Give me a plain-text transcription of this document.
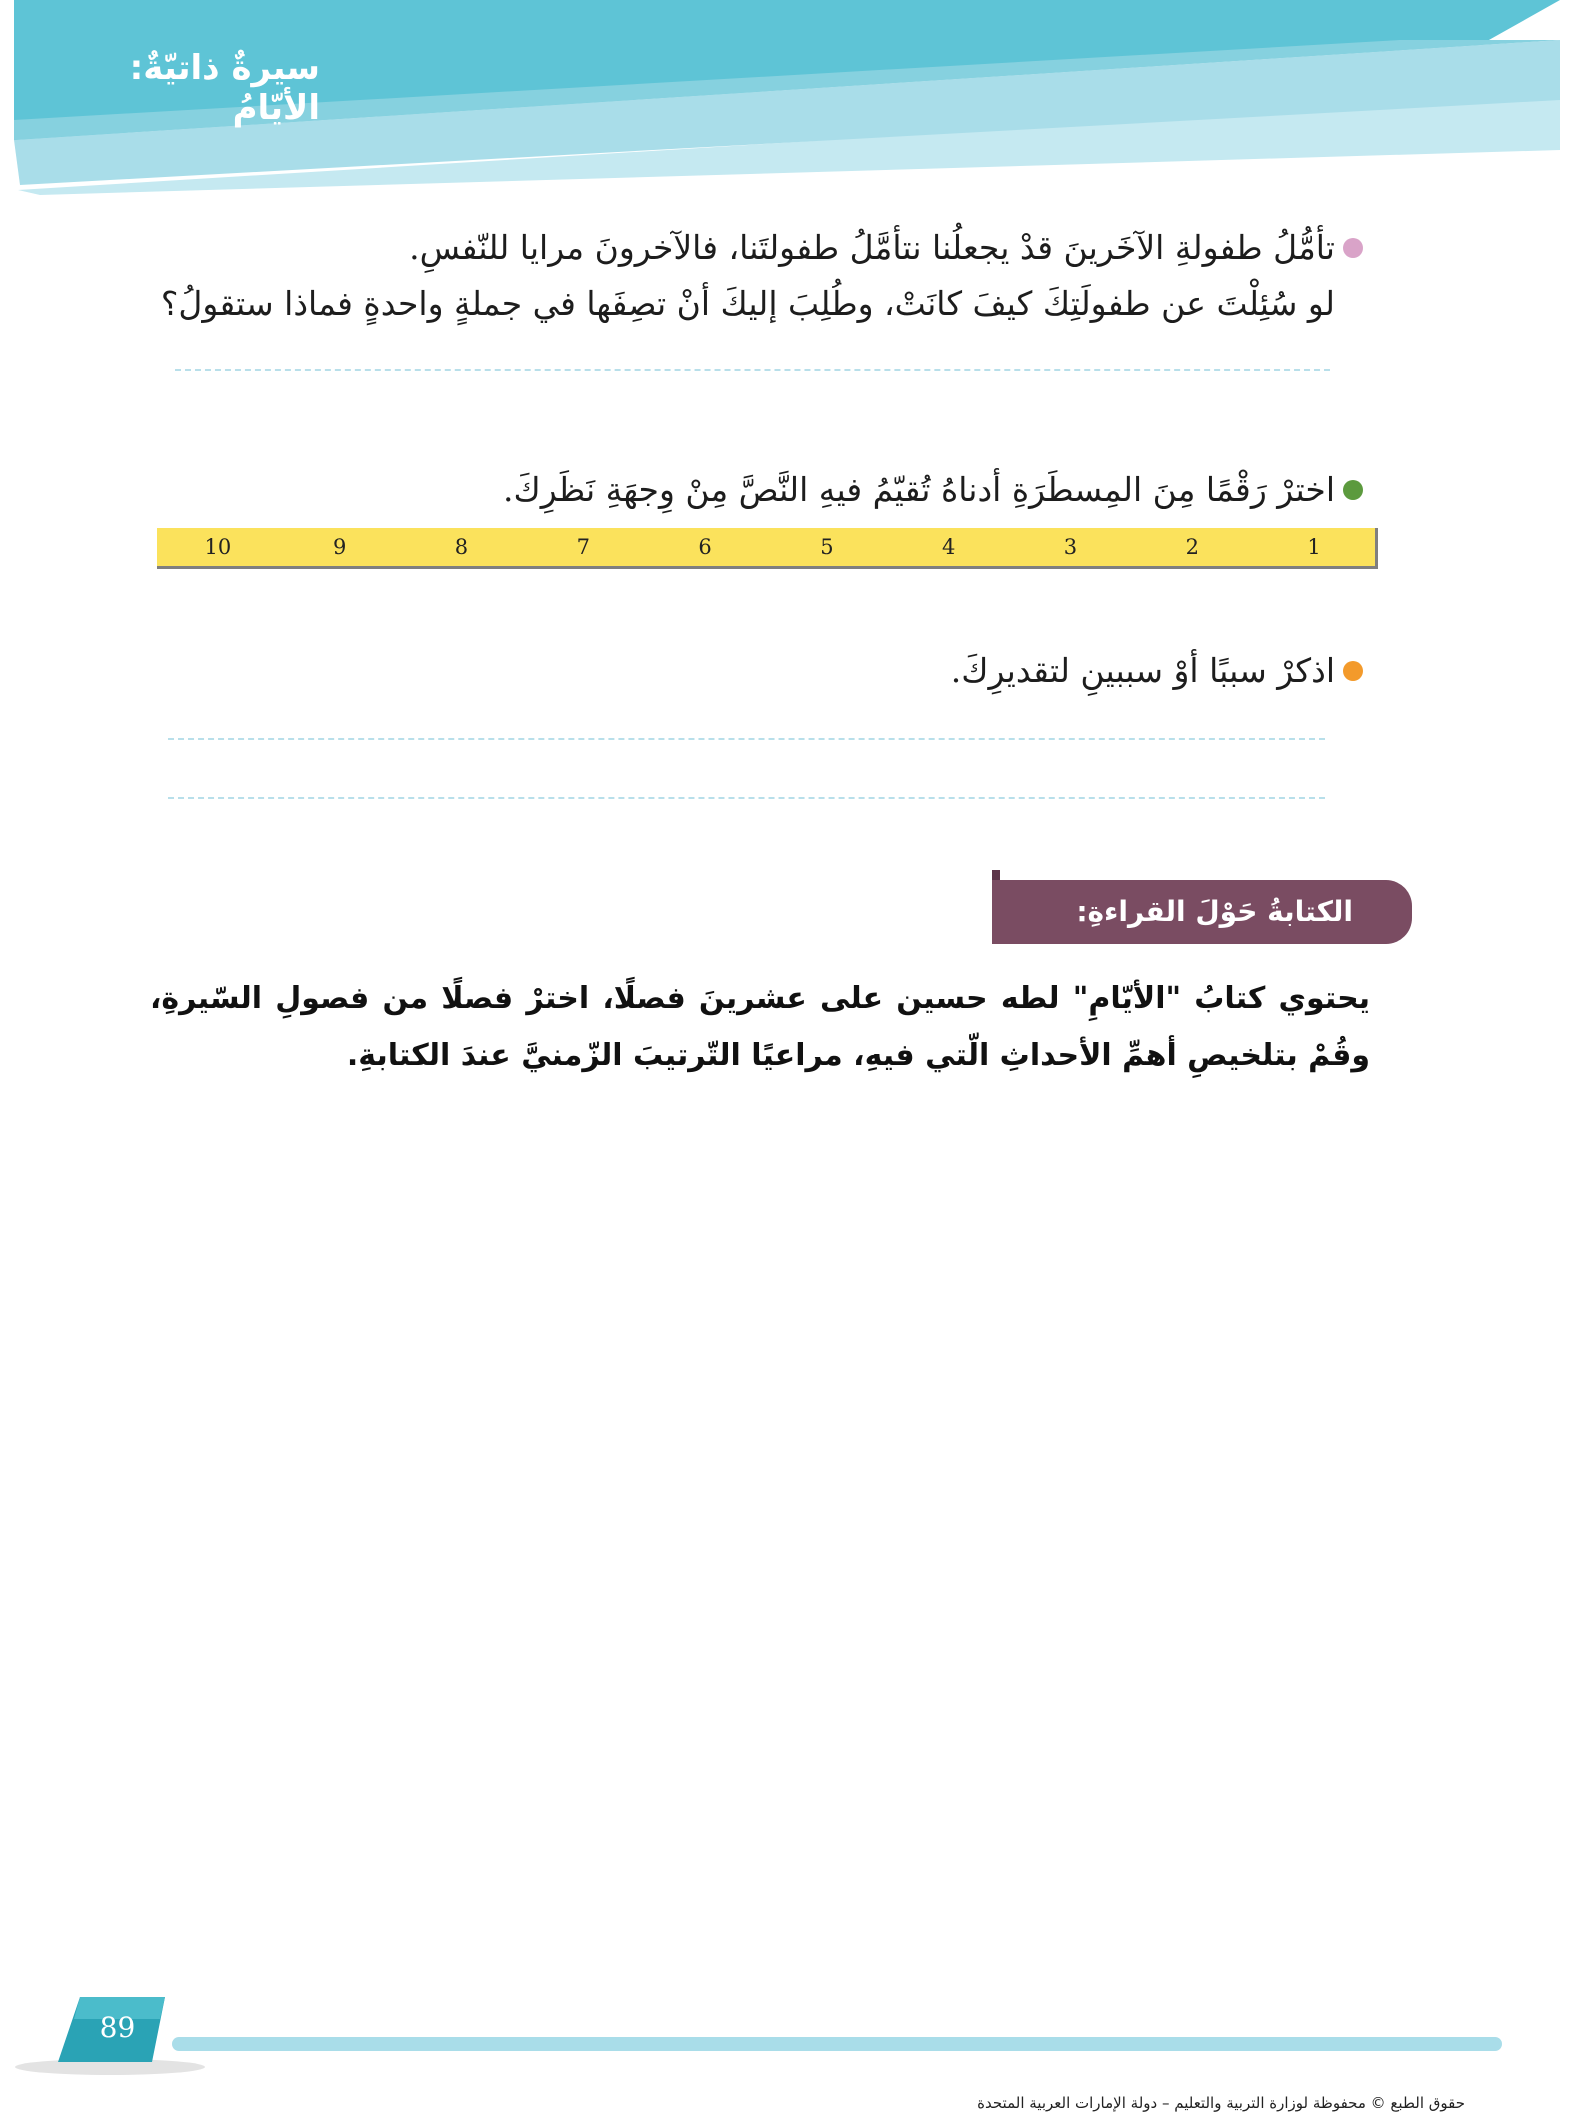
سيرةٌ ذاتيّةٌ: الأيّامُ
تأمُّلُ طفولةِ الآخَرينَ قدْ يجعلُنا نتأمَّلُ طفولتَنا، فالآخرونَ مرايا للنّفسِ.
لو سُئِلْتَ عن طفولَتِكَ كيفَ كانَتْ، وطُلِبَ إليكَ أنْ تصِفَها في جملةٍ واحدةٍ فماذا ستقولُ؟
اخترْ رَقْمًا مِنَ المِسطَرَةِ أدناهُ تُقيّمُ فيهِ النَّصَّ مِنْ وِجهَةِ نَظَرِكَ.
1
2
3
4
5
6
7
8
9
10
اذكرْ سببًا أوْ سببينِ لتقديرِكَ.
الكتابةُ حَوْلَ القراءةِ:
يحتوي كتابُ "الأيّامِ" لطه حسين على عشرينَ فصلًا، اخترْ فصلًا من فصولِ السّيرةِ، وقُمْ بتلخيصِ أهمِّ الأحداثِ الّتي فيهِ، مراعيًا التّرتيبَ الزّمنيَّ عندَ الكتابةِ.
89
حقوق الطبع © محفوظة لوزارة التربية والتعليم – دولة الإمارات العربية المتحدة
